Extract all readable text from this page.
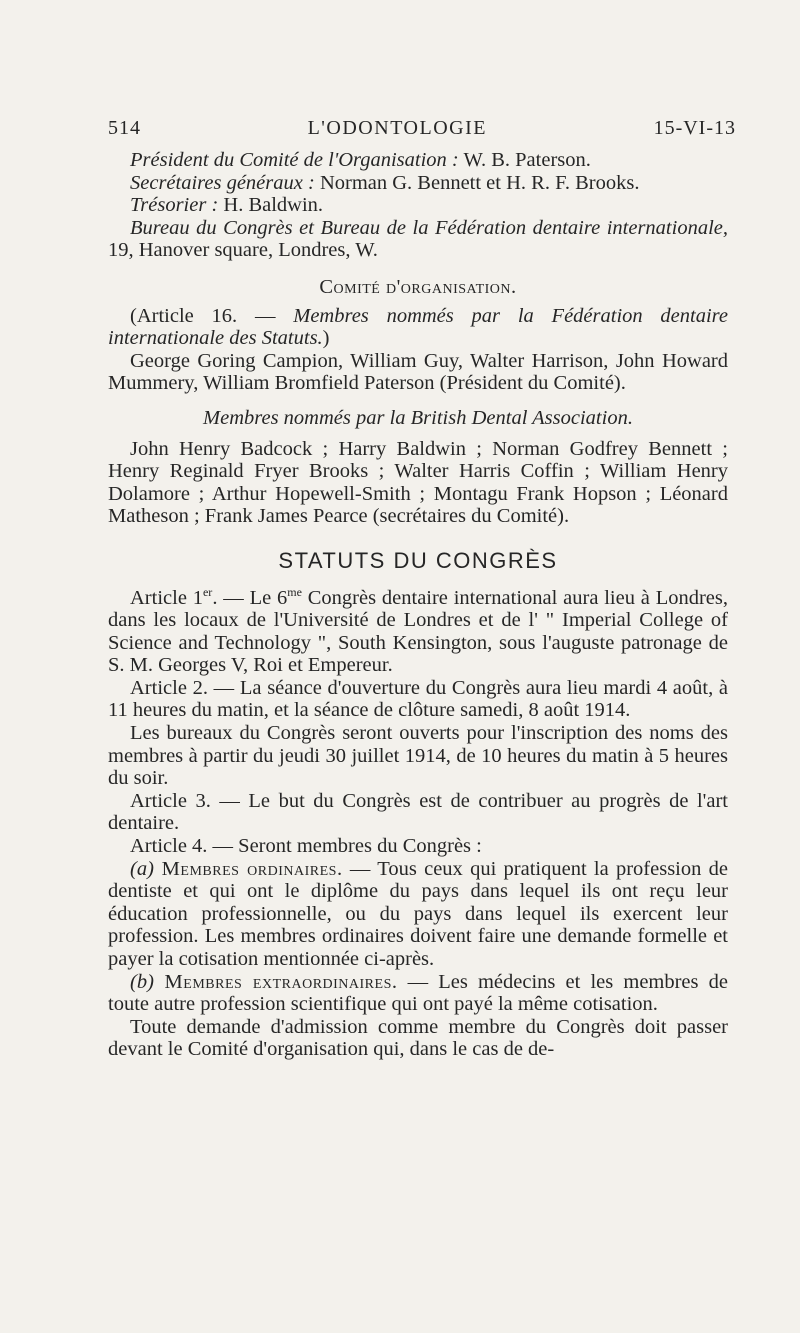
514	L'ODONTOLOGIE	15-VI-13

Président du Comité de l'Organisation : W. B. Paterson.

Secrétaires généraux : Norman G. Bennett et H. R. F. Brooks.

Trésorier : H. Baldwin.

Bureau du Congrès et Bureau de la Fédération dentaire internationale, 19, Hanover square, Londres, W.

Comité d'organisation.

(Article 16. — Membres nommés par la Fédération dentaire internationale des Statuts.)

George Goring Campion, William Guy, Walter Harrison, John Howard Mummery, William Bromfield Paterson (Président du Comité).

Membres nommés par la British Dental Association.

John Henry Badcock ; Harry Baldwin ; Norman Godfrey Bennett ; Henry Reginald Fryer Brooks ; Walter Harris Coffin ; William Henry Dolamore ; Arthur Hopewell-Smith ; Montagu Frank Hopson ; Léonard Matheson ; Frank James Pearce (secrétaires du Comité).

STATUTS DU CONGRÈS

Article 1er. — Le $6^{me}$ Congrès dentaire international aura lieu à Londres, dans les locaux de l'Université de Londres et de l' " Imperial College of Science and Technology ", South Kensington, sous l'auguste patronage de S. M. Georges V, Roi et Empereur.

Article 2. — La séance d'ouverture du Congrès aura lieu mardi 4 août, à 11 heures du matin, et la séance de clôture samedi, 8 août 1914.

Les bureaux du Congrès seront ouverts pour l'inscription des noms des membres à partir du jeudi 30 juillet 1914, de 10 heures du matin à 5 heures du soir.

Article 3. — Le but du Congrès est de contribuer au progrès de l'art dentaire.

Article 4. — Seront membres du Congrès :

(a) Membres ordinaires. — Tous ceux qui pratiquent la profession de dentiste et qui ont le diplôme du pays dans lequel ils ont reçu leur éducation professionnelle, ou du pays dans lequel ils exercent leur profession. Les membres ordinaires doivent faire une demande formelle et payer la cotisation mentionnée ci-après.

(b) Membres extraordinaires. — Les médecins et les membres de toute autre profession scientifique qui ont payé la même cotisation.

Toute demande d'admission comme membre du Congrès doit passer devant le Comité d'organisation qui, dans le cas de de-
